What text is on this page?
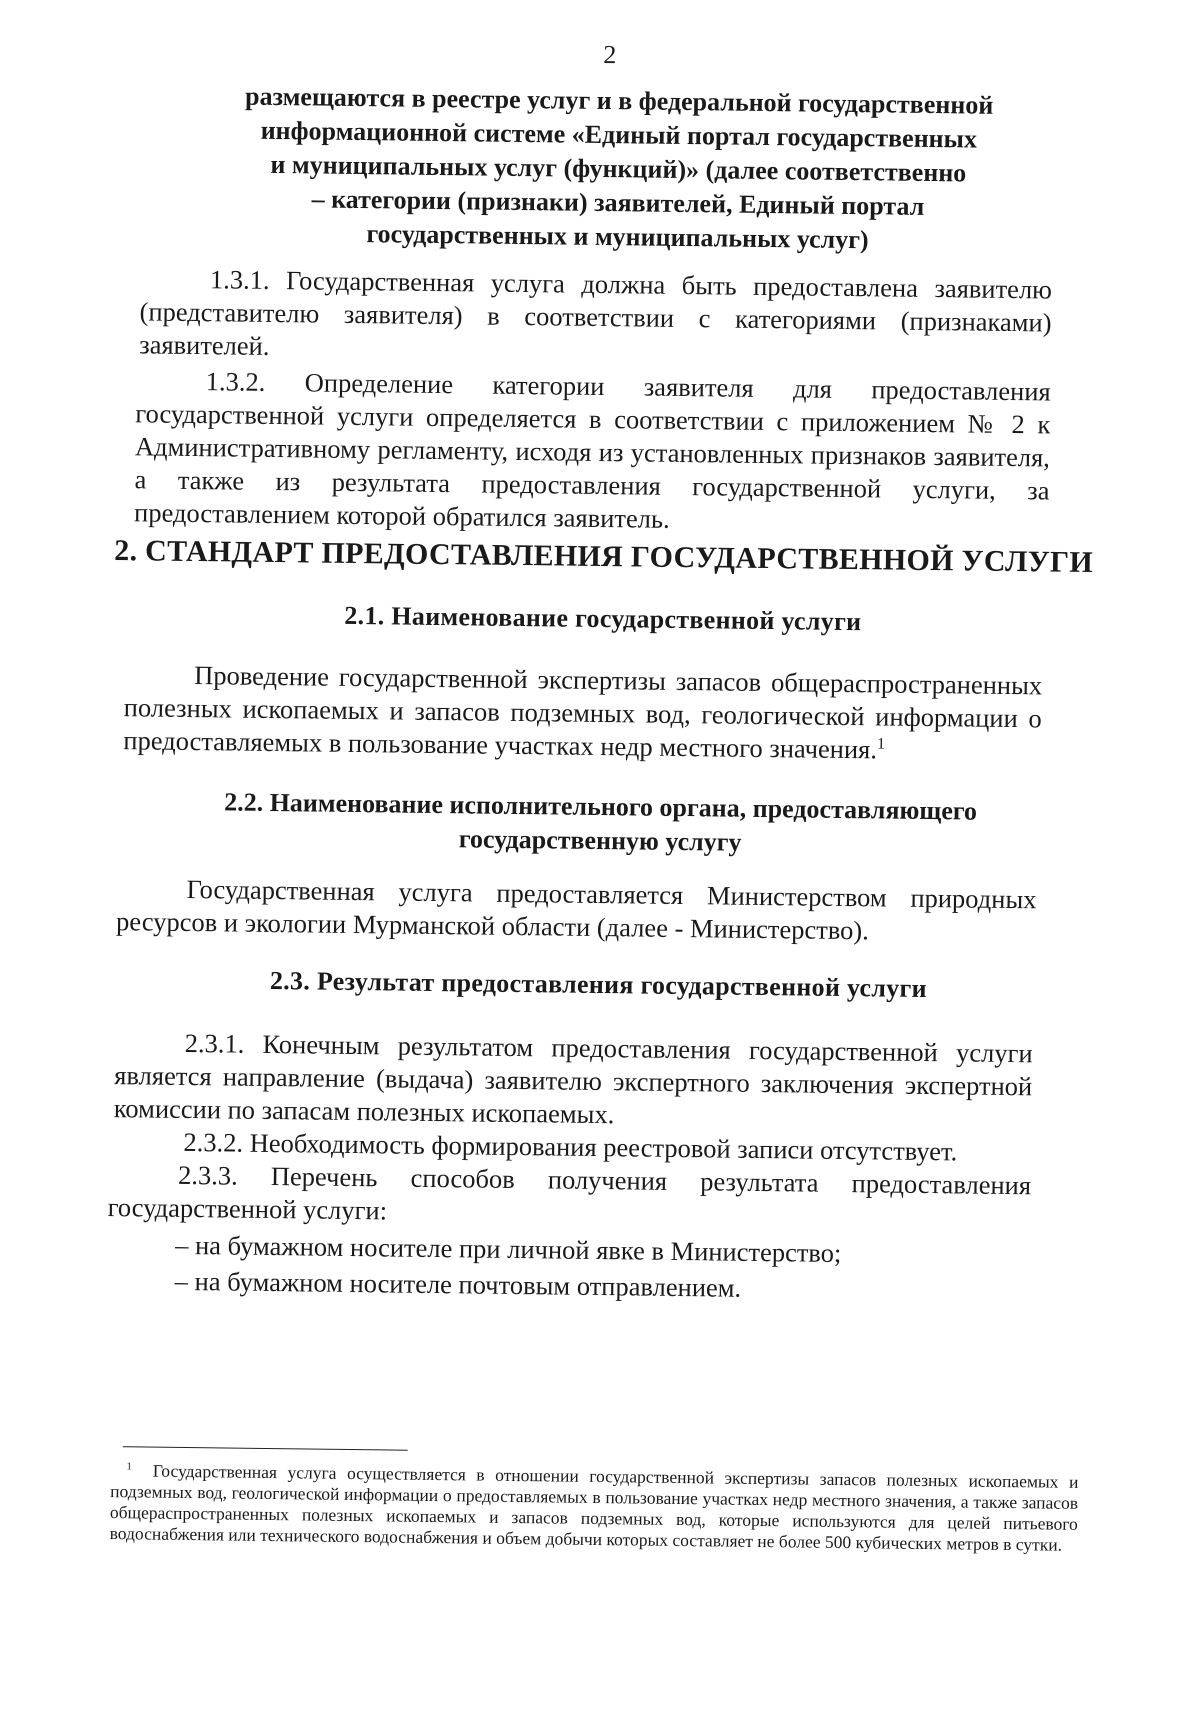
2
размещаются в реестре услуг и в федеральной государственной
информационной системе «Единый портал государственных
и муниципальных услуг (функций)» (далее соответственно
– категории (признаки) заявителей, Единый портал
государственных и муниципальных услуг)
1.3.1. Государственная услуга должна быть предоставлена заявителю (представителю заявителя) в соответствии с категориями (признаками) заявителей.
1.3.2. Определение категории заявителя для предоставления государственной услуги определяется в соответствии с приложением № 2 к Административному регламенту, исходя из установленных признаков заявителя, а также из результата предоставления государственной услуги, за предоставлением которой обратился заявитель.
2. СТАНДАРТ ПРЕДОСТАВЛЕНИЯ ГОСУДАРСТВЕННОЙ УСЛУГИ
2.1. Наименование государственной услуги
Проведение государственной экспертизы запасов общераспространенных полезных ископаемых и запасов подземных вод, геологической информации о предоставляемых в пользование участках недр местного значения.$^1$
2.2. Наименование исполнительного органа, предоставляющего
государственную услугу
Государственная услуга предоставляется Министерством природных ресурсов и экологии Мурманской области (далее - Министерство).
2.3. Результат предоставления государственной услуги
2.3.1. Конечным результатом предоставления государственной услуги является направление (выдача) заявителю экспертного заключения экспертной комиссии по запасам полезных ископаемых.
2.3.2. Необходимость формирования реестровой записи отсутствует.
2.3.3. Перечень способов получения результата предоставления государственной услуги:
– на бумажном носителе при личной явке в Министерство;
– на бумажном носителе почтовым отправлением.
$^1$ Государственная услуга осуществляется в отношении государственной экспертизы запасов полезных ископаемых и подземных вод, геологической информации о предоставляемых в пользование участках недр местного значения, а также запасов общераспространенных полезных ископаемых и запасов подземных вод, которые используются для целей питьевого водоснабжения или технического водоснабжения и объем добычи которых составляет не более 500 кубических метров в сутки.
